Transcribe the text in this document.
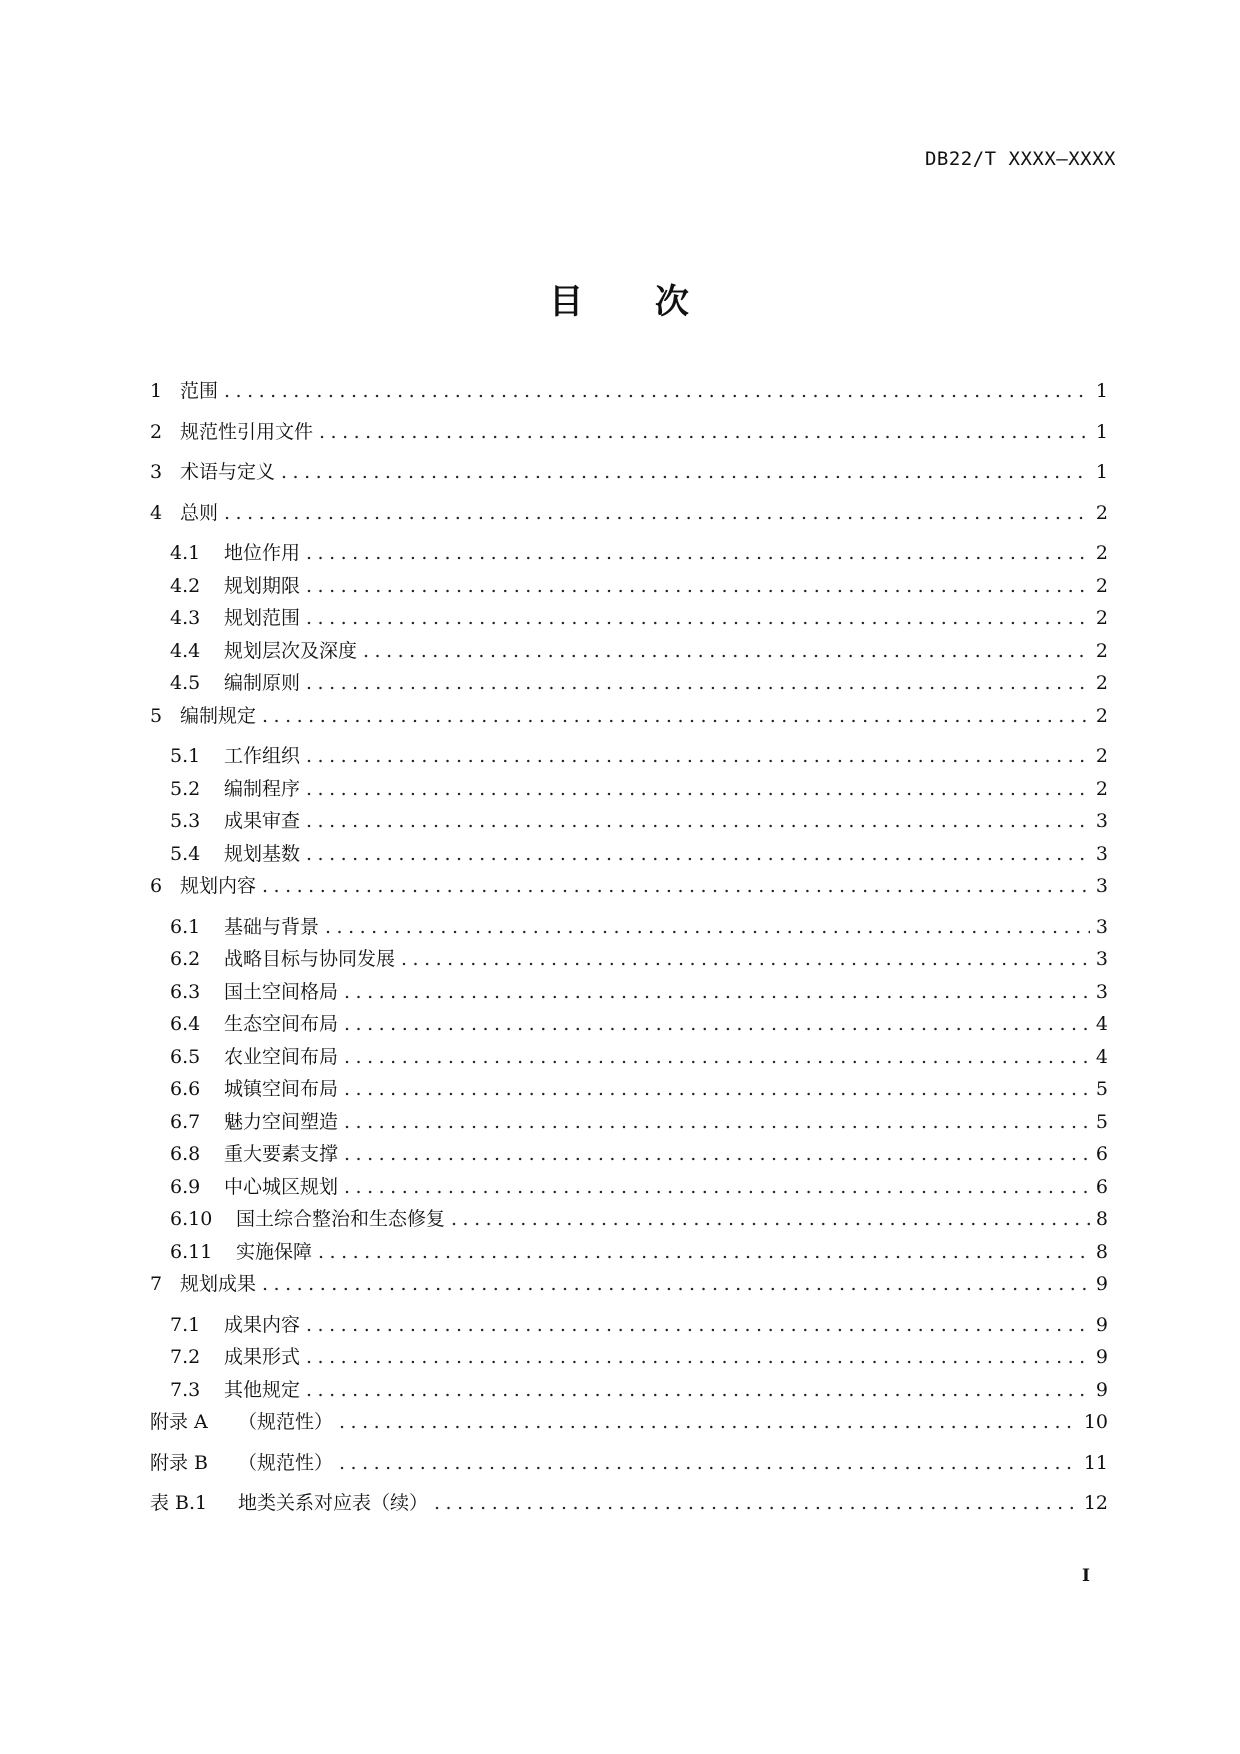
DB22/T XXXX—XXXX
目 次
1 范围 .....	1
2 规范性引用文件 .....	1
3 术语与定义 .....	1
4 总则 .....	2
4.1	地位作用 .....	2
4.2	规划期限 .....	2
4.3	规划范围 .....	2
4.4	规划层次及深度 .....	2
4.5	编制原则 .....	2
5 编制规定 .....	2
5.1	工作组织 .....	2
5.2	编制程序 .....	2
5.3	成果审查 .....	3
5.4	规划基数 .....	3
6 规划内容 .....	3
6.1	基础与背景 .....	3
6.2	战略目标与协同发展 .....	3
6.3	国土空间格局 .....	3
6.4	生态空间布局 .....	4
6.5	农业空间布局 .....	4
6.6	城镇空间布局 .....	5
6.7	魅力空间塑造 .....	5
6.8	重大要素支撑 .....	6
6.9	中心城区规划 .....	6
6.10	国土综合整治和生态修复 .....	8
6.11	实施保障 .....	8
7 规划成果 .....	9
7.1	成果内容 .....	9
7.2	成果形式 .....	9
7.3	其他规定 .....	9
附录 A	（规范性） .....	10
附录 B	（规范性） .....	11
表 B.1	地类关系对应表（续） .....	12
I
